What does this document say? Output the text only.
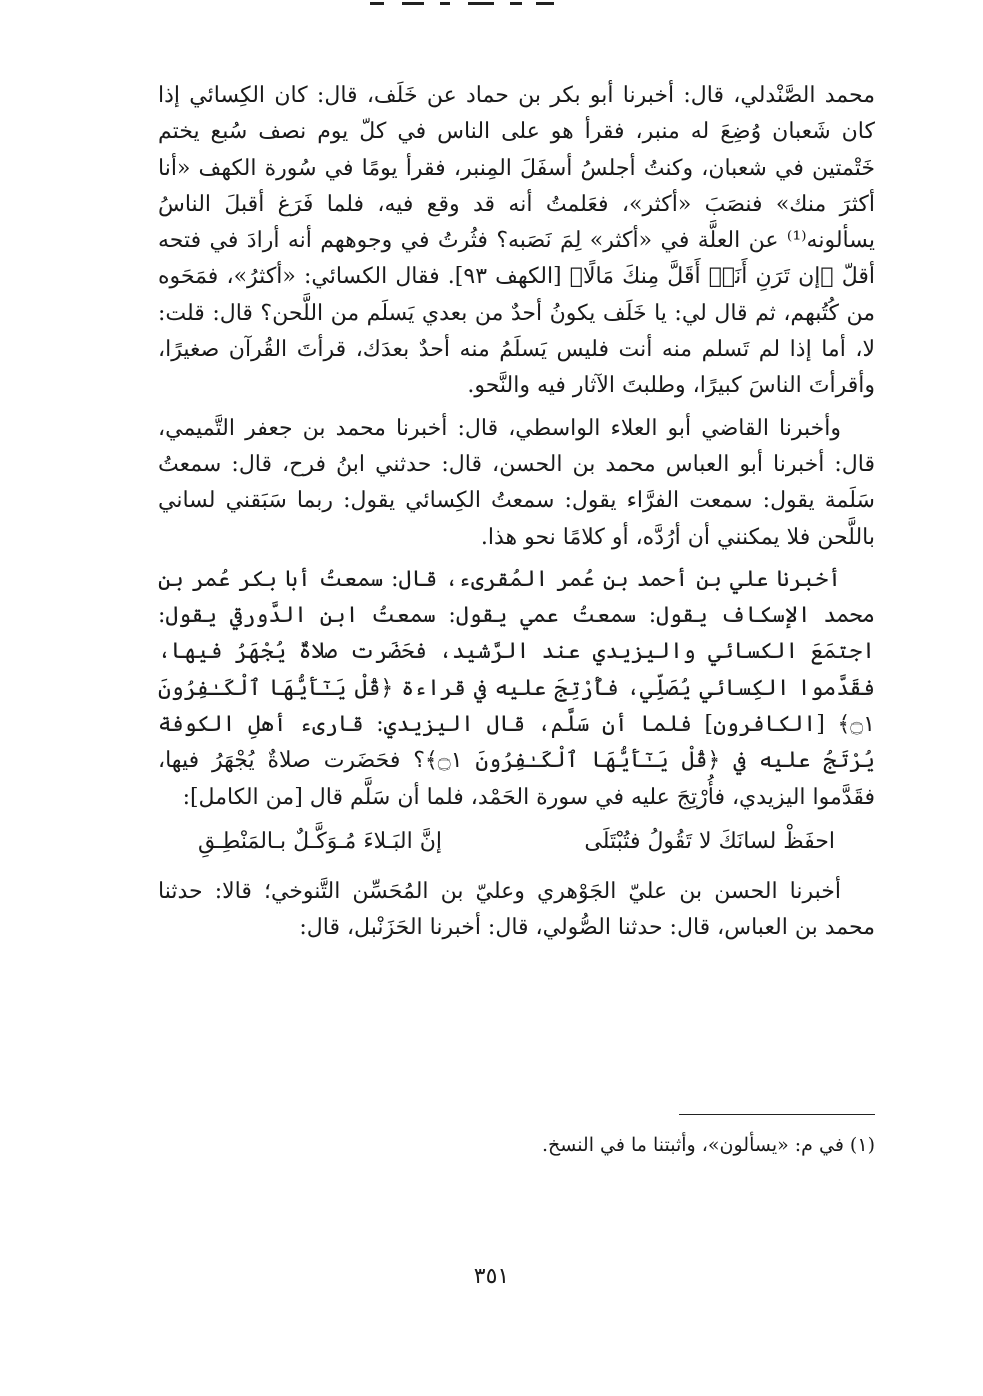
محمد الصَّنْدلي، قال: أخبرنا أبو بكر بن حماد عن خَلَف، قال: كان الكِسائي إذا كان شَعبان وُضِعَ له منبر، فقرأ هو على الناس في كلّ يوم نصف سُبع يختم خَتْمتين في شعبان، وكنتُ أجلسُ أسفَلَ المِنبر، فقرأ يومًا في سُورة الكهف «أنا أكثرَ منك» فنصَبَ «أكثر»، فعَلمتُ أنه قد وقع فيه، فلما فَرَغ أقبلَ الناسُ يسألونه⁽¹⁾ عن العلَّة في «أكثر» لِمَ نَصَبه؟ فثُرتُ في وجوههم أنه أرادَ في فتحه أقلّ ﴿إن تَرَنِ أَنَا۠ أَقَلَّ مِنكَ مَالًا﴾ [الكهف ٩٣]. فقال الكسائي: «أكثرُ»، فمَحَوه من كُتُبهم، ثم قال لي: يا خَلَف يكونُ أحدٌ من بعدي يَسلَم من اللَّحن؟ قال: قلت: لا، أما إذا لم تَسلم منه أنت فليس يَسلَمُ منه أحدٌ بعدَك، قرأتَ القُرآن صغيرًا، وأقرأتَ الناسَ كبيرًا، وطلبتَ الآثار فيه والنَّحو.

وأخبرنا القاضي أبو العلاء الواسطي، قال: أخبرنا محمد بن جعفر التَّميمي، قال: أخبرنا أبو العباس محمد بن الحسن، قال: حدثني ابنُ فرح، قال: سمعتُ سَلَمة يقول: سمعت الفرَّاء يقول: سمعتُ الكِسائي يقول: ربما سَبَقني لساني باللَّحن فلا يمكنني أن أرُدَّه، أو كلامًا نحو هذا.

أخبرنا علي بن أحمد بن عُمر المُقرىء، قال: سمعتُ أبا بكر عُمر بن محمد الإسكاف يقول: سمعتُ عمي يقول: سمعتُ ابن الدَّورقي يقول: اجتمَعَ الكسائي واليزيدي عند الرَّشيد، فحَضَرت صلاةٌ يُجْهَرُ فيها، فقَدَّموا الكِسائي يُصَلِّي، فأُرْتِجَ عليه في قراءة ﴿قُلْ يَـٰٓأَيُّهَا ٱلْكَـٰفِرُونَ ۝١﴾ [الكافرون] فلما أن سَلَّم، قال اليزيدي: قارىء أهلِ الكوفة يُرْتَجُ عليه في ﴿قُلْ يَـٰٓأَيُّهَا ٱلْكَـٰفِرُونَ ۝١﴾؟ فحَضَرت صلاةٌ يُجْهَرُ فيها، فقَدَّموا اليزيدي، فأُرْتِجَ عليه في سورة الحَمْد، فلما أن سَلَّم قال [من الكامل]:

احفَظْ لسانَكَ لا تَقُولُ فتُبْتَلَى
إنَّ البَـلاءَ مُـوَكَّـلٌ بـالمَنْطِـقِ

أخبرنا الحسن بن عليّ الجَوْهري وعليّ بن المُحَسِّن التَّنوخي؛ قالا: حدثنا محمد بن العباس، قال: حدثنا الصُّولي، قال: أخبرنا الحَزَنْبل، قال:

(١) في م: «يسألون»، وأثبتنا ما في النسخ.
٣٥١
